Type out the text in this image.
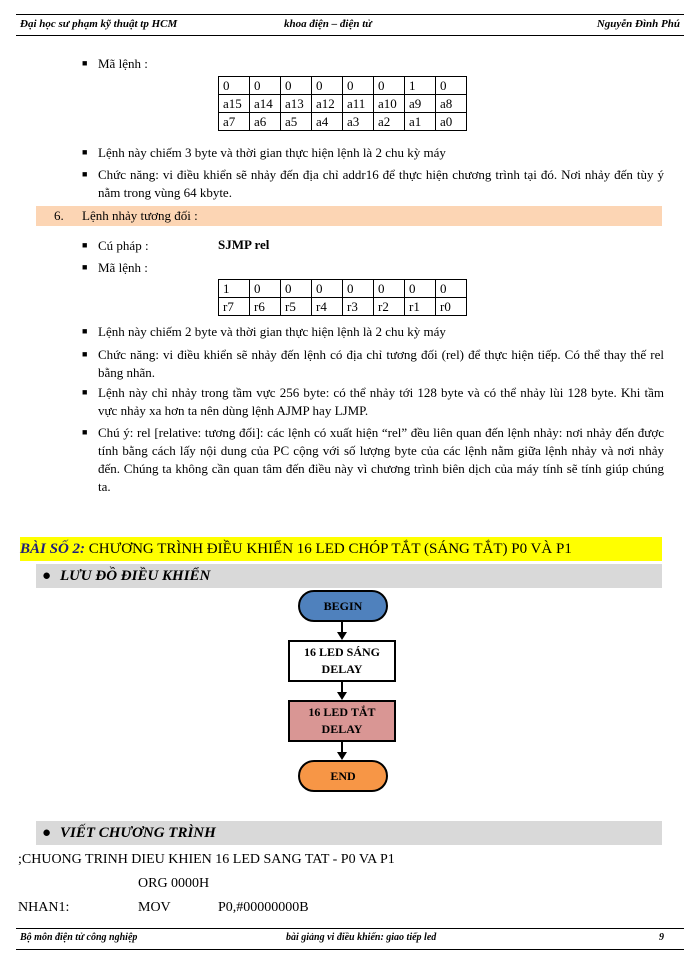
Đại học sư phạm kỹ thuật tp HCM	khoa điện – điện tử	Nguyễn Đình Phú
■ Mã lệnh :
0	0	0	0	0	0	1	0
a15	a14	a13	a12	a11	a10	a9	a8
a7	a6	a5	a4	a3	a2	a1	a0
■ Lệnh này chiếm 3 byte và thời gian thực hiện lệnh là 2 chu kỳ máy
■ Chức năng: vi điều khiển sẽ nhảy đến địa chỉ addr16 để thực hiện chương trình tại đó. Nơi nhảy đến tùy ý nằm trong vùng 64 kbyte.
6. Lệnh nhảy tương đối :
■ Cú pháp :	SJMP rel
■ Mã lệnh :
1	0	0	0	0	0	0	0
r7	r6	r5	r4	r3	r2	r1	r0
■ Lệnh này chiếm 2 byte và thời gian thực hiện lệnh là 2 chu kỳ máy
■ Chức năng: vi điều khiển sẽ nhảy đến lệnh có địa chỉ tương đối (rel) để thực hiện tiếp. Có thể thay thế rel bằng nhãn.
■ Lệnh này chỉ nhảy trong tầm vực 256 byte: có thể nhảy tới 128 byte và có thể nhảy lùi 128 byte. Khi tầm vực nhảy xa hơn ta nên dùng lệnh AJMP hay LJMP.
■ Chú ý: rel [relative: tương đối]: các lệnh có xuất hiện “rel” đều liên quan đến lệnh nhảy: nơi nhảy đến được tính bằng cách lấy nội dung của PC cộng với số lượng byte của các lệnh nằm giữa lệnh nhảy và nơi nhảy đến. Chúng ta không cần quan tâm đến điều này vì chương trình biên dịch của máy tính sẽ tính giúp chúng ta.
BÀI SỐ 2: CHƯƠNG TRÌNH ĐIỀU KHIỂN 16 LED CHÓP TẮT (SÁNG TẮT) P0 VÀ P1
● LƯU ĐỒ ĐIỀU KHIỂN
BEGIN
16 LED SÁNG
DELAY
16 LED TẮT
DELAY
END
● VIẾT CHƯƠNG TRÌNH
;CHUONG TRINH DIEU KHIEN 16 LED SANG TAT - P0 VA P1
ORG 0000H
NHAN1:	MOV	P0,#00000000B
Bộ môn điện tử công nghiệp	bài giảng vi điều khiển: giao tiếp led	9
